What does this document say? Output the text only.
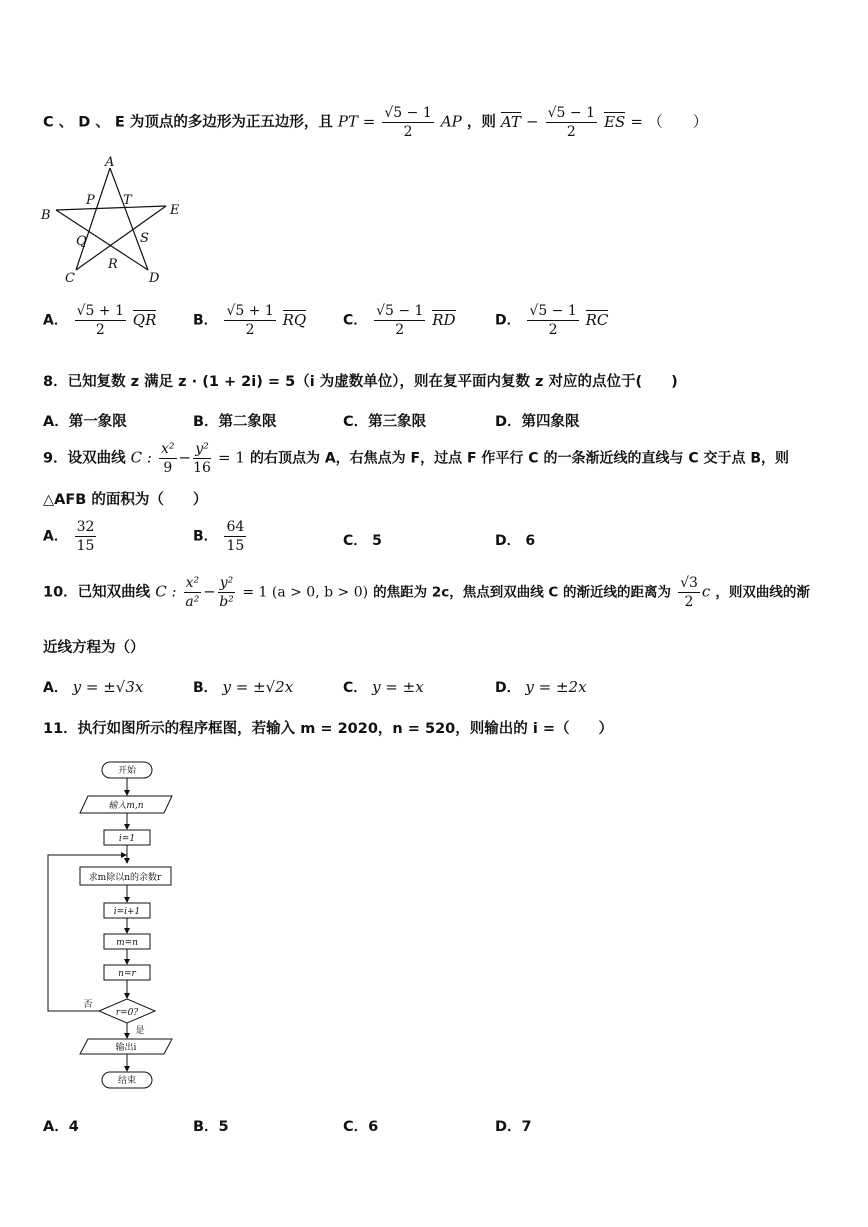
C 、 D 、 E 为顶点的多边形为正五边形，且 PT = $\frac{√5 - 1}{2}$ AP ，则 AT − $\frac{√5 - 1}{2}$ ES = （　　）
A
B	E
P T
Q	S
R
C	D
A． $\frac{√5 + 1}{2}$ QR	B． $\frac{√5 + 1}{2}$ RQ	C． $\frac{√5 - 1}{2}$ RD	D． $\frac{√5 - 1}{2}$ RC
8．已知复数 z 满足 z · (1 + 2i) = 5（i 为虚数单位），则在复平面内复数 z 对应的点位于(　　)
A．第一象限	B．第二象限	C．第三象限	D．第四象限
9．设双曲线 C : $\frac{\text{x²}}{9} - \frac{\text{y²}}{16} = 1$ 的右顶点为 A，右焦点为 F，过点 F 作平行 C 的一条渐近线的直线与 C 交于点 B，则
△AFB 的面积为（　　）
A． $\frac{32}{15}$	B． $\frac{64}{15}$	C． 5	D． 6
10．已知双曲线 C : $\frac{\text{x²}}{\text{a²}} - \frac{\text{y²}}{\text{b²}} = 1$ (a > 0, b > 0) 的焦距为 2c，焦点到双曲线 C 的渐近线的距离为 $\frac{√3}{2}$ c ，则双曲线的渐
近线方程为（）
A． y = ±√3x	B． y = ±√2x	C． y = ±x	D． y = ±2x
11．执行如图所示的程序框图，若输入 m = 2020，n = 520，则输出的 i =（　　）
开始
输入m,n
i=1
求m除以n的余数r
i=i+1
m=n
n=r
r=0?
否
是
输出i
结束
A．4	B．5	C．6	D．7
